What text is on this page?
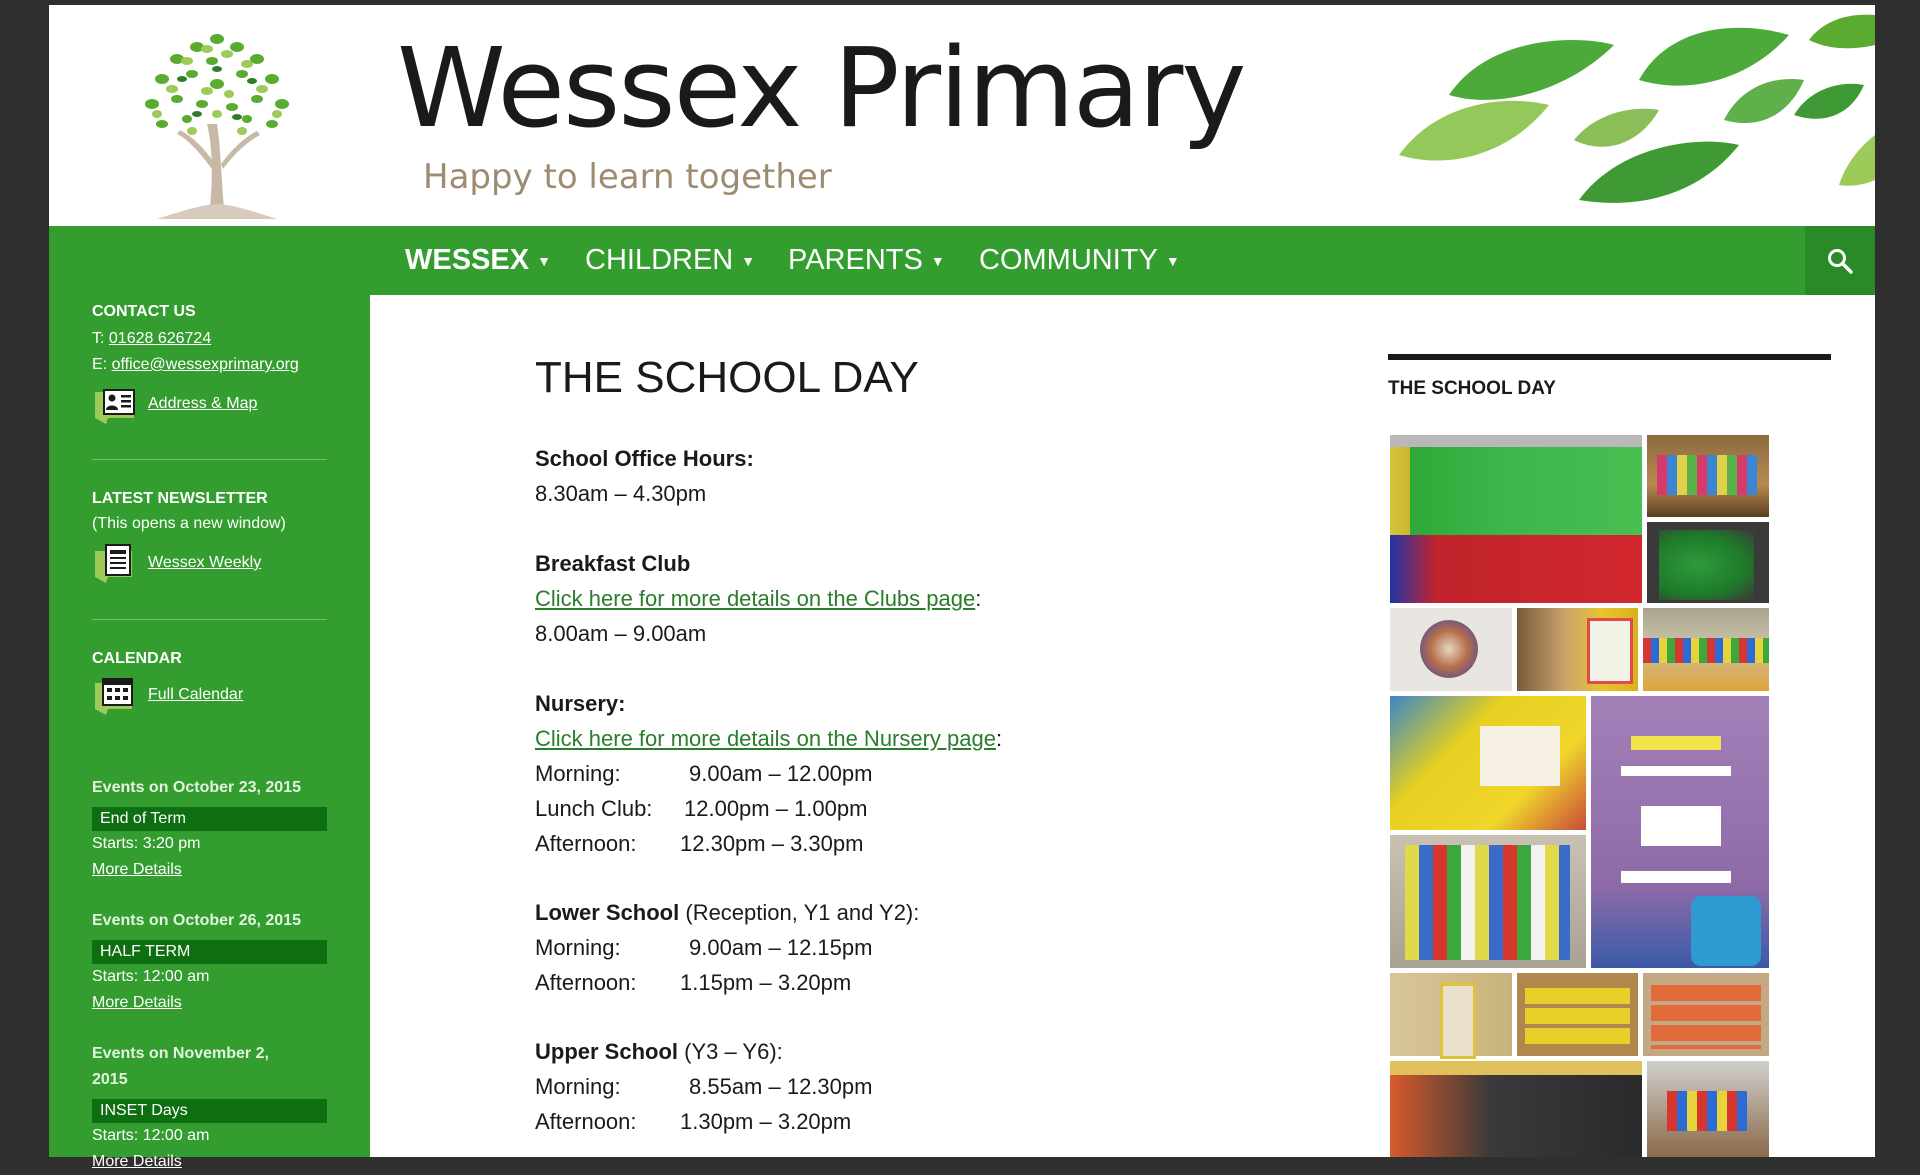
Wessex Primary
Happy to learn together
WESSEX ▼ CHILDREN ▼ PARENTS ▼ COMMUNITY ▼
CONTACT US
T: 01628 626724
E: office@wessexprimary.org
Address & Map
LATEST NEWSLETTER
(This opens a new window)
Wessex Weekly
CALENDAR
Full Calendar
Events on October 23, 2015
End of Term
Starts: 3:20 pm
More Details
Events on October 26, 2015
HALF TERM
Starts: 12:00 am
More Details
Events on November 2, 2015
INSET Days
Starts: 12:00 am
More Details
THE SCHOOL DAY
School Office Hours:
8.30am – 4.30pm
Breakfast Club
Click here for more details on the Clubs page:
8.00am – 9.00am
Nursery:
Click here for more details on the Nursery page:
Morning:	9.00am – 12.00pm
Lunch Club: 12.00pm – 1.00pm
Afternoon: 12.30pm – 3.30pm
Lower School (Reception, Y1 and Y2):
Morning:	9.00am – 12.15pm
Afternoon: 1.15pm – 3.20pm
Upper School (Y3 – Y6):
Morning:	8.55am – 12.30pm
Afternoon: 1.30pm – 3.20pm
THE SCHOOL DAY
